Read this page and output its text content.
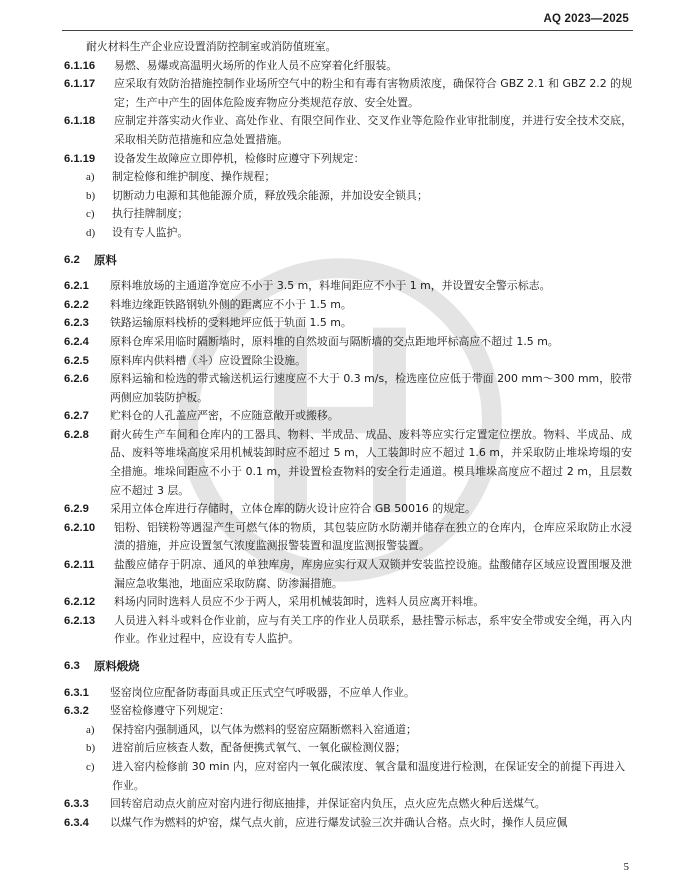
AQ 2023—2025
耐火材料生产企业应设置消防控制室或消防值班室。
6.1.16	易燃、易爆或高温明火场所的作业人员不应穿着化纤服装。
6.1.17	应采取有效防治措施控制作业场所空气中的粉尘和有毒有害物质浓度，确保符合 GBZ 2.1 和 GBZ 2.2 的规定；生产中产生的固体危险废弃物应分类规范存放、安全处置。
6.1.18	应制定并落实动火作业、高处作业、有限空间作业、交叉作业等危险作业审批制度，并进行安全技术交底，采取相关防范措施和应急处置措施。
6.1.19	设备发生故障应立即停机，检修时应遵守下列规定：
a)	制定检修和维护制度、操作规程；
b)	切断动力电源和其他能源介质，释放残余能源，并加设安全锁具；
c)	执行挂牌制度；
d)	设有专人监护。
6.2	原料
6.2.1	原料堆放场的主通道净宽应不小于 3.5 m，料堆间距应不小于 1 m，并设置安全警示标志。
6.2.2	料堆边缘距铁路钢轨外侧的距离应不小于 1.5 m。
6.2.3	铁路运输原料栈桥的受料地坪应低于轨面 1.5 m。
6.2.4	原料仓库采用临时隔断墙时，原料堆的自然坡面与隔断墙的交点距地坪标高应不超过 1.5 m。
6.2.5	原料库内供料槽（斗）应设置除尘设施。
6.2.6	原料运输和检选的带式输送机运行速度应不大于 0.3 m/s，检选座位应低于带面 200 mm～300 mm，胶带两侧应加装防护板。
6.2.7	贮料仓的人孔盖应严密，不应随意敞开或搬移。
6.2.8	耐火砖生产车间和仓库内的工器具、物料、半成品、成品、废料等应实行定置定位摆放。物料、半成品、成品、废料等堆垛高度采用机械装卸时应不超过 5 m，人工装卸时应不超过 1.6 m，并采取防止堆垛垮塌的安全措施。堆垛间距应不小于 0.1 m，并设置检查物料的安全行走通道。模具堆垛高度应不超过 2 m，且层数应不超过 3 层。
6.2.9	采用立体仓库进行存储时，立体仓库的防火设计应符合 GB 50016 的规定。
6.2.10	铝粉、铝镁粉等遇湿产生可燃气体的物质，其包装应防水防潮并储存在独立的仓库内，仓库应采取防止水浸渍的措施，并应设置氢气浓度监测报警装置和温度监测报警装置。
6.2.11	盐酸应储存于阴凉、通风的单独库房，库房应实行双人双锁并安装监控设施。盐酸储存区域应设置围堰及泄漏应急收集池，地面应采取防腐、防渗漏措施。
6.2.12	料场内同时选料人员应不少于两人，采用机械装卸时，选料人员应离开料堆。
6.2.13	人员进入料斗或料仓作业前，应与有关工序的作业人员联系，悬挂警示标志，系牢安全带或安全绳，再入内作业。作业过程中，应设有专人监护。
6.3	原料煅烧
6.3.1	竖窑岗位应配备防毒面具或正压式空气呼吸器，不应单人作业。
6.3.2	竖窑检修遵守下列规定：
a)	保持窑内强制通风，以气体为燃料的竖窑应隔断燃料入窑通道；
b)	进窑前后应核查人数，配备便携式氧气、一氧化碳检测仪器；
c)	进入窑内检修前 30 min 内，应对窑内一氧化碳浓度、氧含量和温度进行检测，在保证安全的前提下再进入作业。
6.3.3	回转窑启动点火前应对窑内进行彻底抽排，并保证窑内负压，点火应先点燃火种后送煤气。
6.3.4	以煤气作为燃料的炉窑，煤气点火前，应进行爆发试验三次并确认合格。点火时，操作人员应佩
5
